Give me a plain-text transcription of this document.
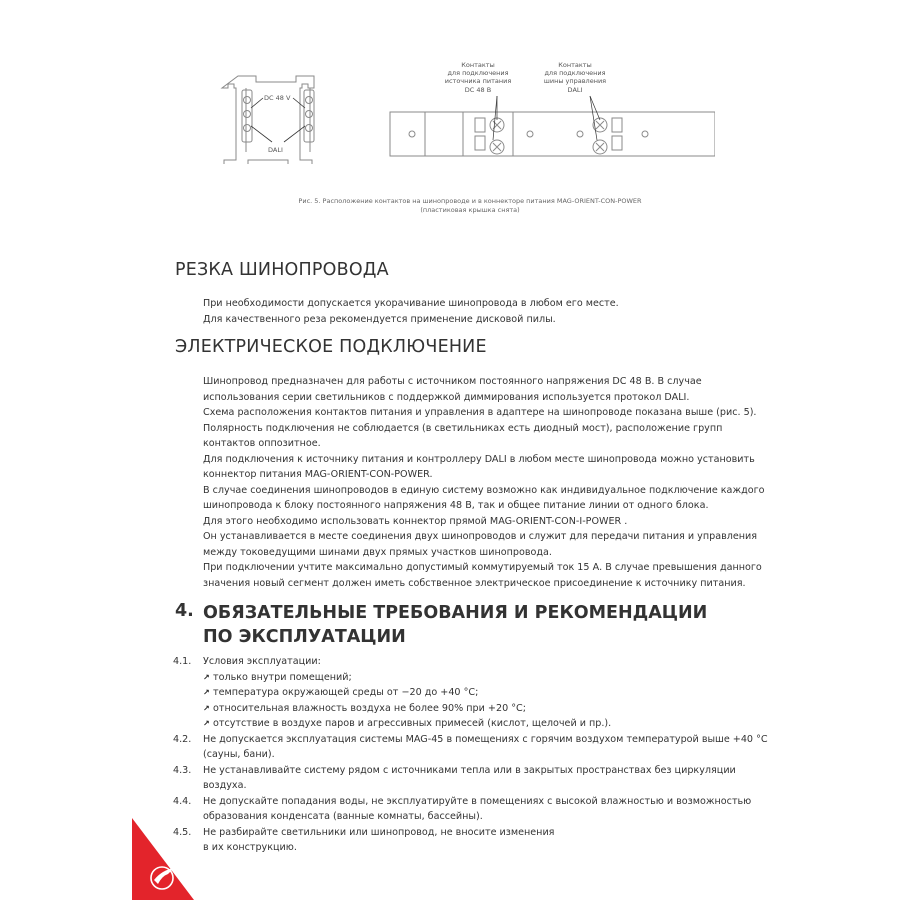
DC 48 V
DALI
Контакты
для подключения
источника питания
DC 48 В
Контакты
для подключения
шины управления
DALI
Рис. 5. Расположение контактов на шинопроводе и в коннекторе питания MAG-ORIENT-CON-POWER
(пластиковая крышка снята)
РЕЗКА ШИНОПРОВОДА
При необходимости допускается укорачивание шинопровода в любом его месте.
Для качественного реза рекомендуется применение дисковой пилы.
ЭЛЕКТРИЧЕСКОЕ ПОДКЛЮЧЕНИЕ
Шинопровод предназначен для работы с источником постоянного напряжения DC 48 В. В случае
использования серии светильников с поддержкой диммирования используется протокол DALI.
Схема расположения контактов питания и управления в адаптере на шинопроводе показана выше (рис. 5).
Полярность подключения не соблюдается (в светильниках есть диодный мост), расположение групп
контактов оппозитное.
Для подключения к источнику питания и контроллеру DALI в любом месте шинопровода можно установить
коннектор питания MAG-ORIENT-CON-POWER.
В случае соединения шинопроводов в единую систему возможно как индивидуальное подключение каждого
шинопровода к блоку постоянного напряжения 48 В, так и общее питание линии от одного блока.
Для этого необходимо использовать коннектор прямой MAG-ORIENT-CON-I-POWER .
Он устанавливается в месте соединения двух шинопроводов и служит для передачи питания и управления
между токоведущими шинами двух прямых участков шинопровода.
При подключении учтите максимально допустимый коммутируемый ток 15 А. В случае превышения данного
значения новый сегмент должен иметь собственное электрическое присоединение к источнику питания.
4. ОБЯЗАТЕЛЬНЫЕ ТРЕБОВАНИЯ И РЕКОМЕНДАЦИИ
ПО ЭКСПЛУАТАЦИИ
4.1. Условия эксплуатации:
↗ только внутри помещений;
↗ температура окружающей среды от −20 до +40 °С;
↗ относительная влажность воздуха не более 90% при +20 °С;
↗ отсутствие в воздухе паров и агрессивных примесей (кислот, щелочей и пр.).
4.2. Не допускается эксплуатация системы MAG-45 в помещениях с горячим воздухом температурой выше +40 °С
(сауны, бани).
4.3. Не устанавливайте систему рядом с источниками тепла или в закрытых пространствах без циркуляции
воздуха.
4.4. Не допускайте попадания воды, не эксплуатируйте в помещениях с высокой влажностью и возможностью
образования конденсата (ванные комнаты, бассейны).
4.5. Не разбирайте светильники или шинопровод, не вносите изменения
в их конструкцию.
